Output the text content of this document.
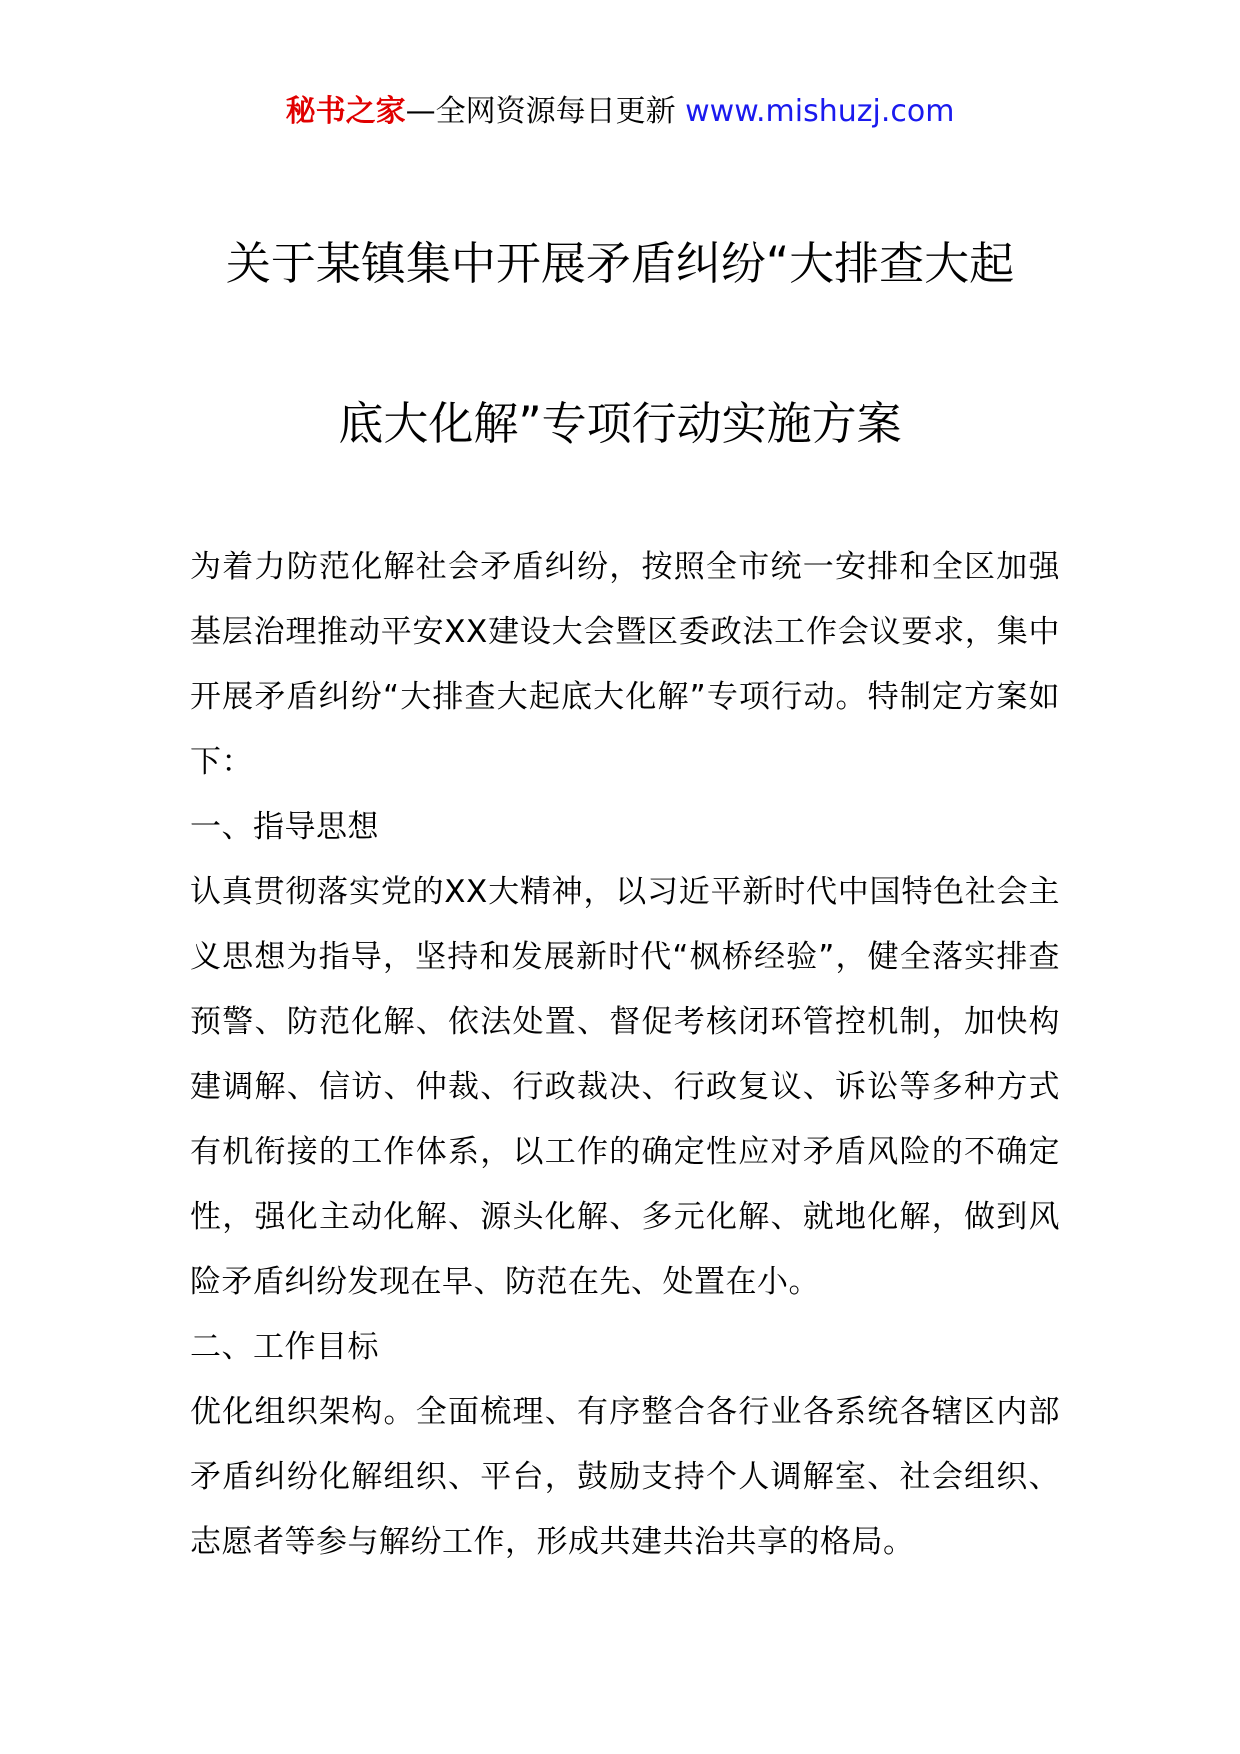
秘书之家—全网资源每日更新 www.mishuzj.com
关于某镇集中开展矛盾纠纷“大排查大起
底大化解”专项行动实施方案

为着力防范化解社会矛盾纠纷，按照全市统一安排和全区加强基层治理推动平安XX建设大会暨区委政法工作会议要求，集中开展矛盾纠纷“大排查大起底大化解”专项行动。特制定方案如下：

一、指导思想

认真贯彻落实党的XX大精神，以习近平新时代中国特色社会主义思想为指导，坚持和发展新时代“枫桥经验”，健全落实排查预警、防范化解、依法处置、督促考核闭环管控机制，加快构建调解、信访、仲裁、行政裁决、行政复议、诉讼等多种方式有机衔接的工作体系，以工作的确定性应对矛盾风险的不确定性，强化主动化解、源头化解、多元化解、就地化解，做到风险矛盾纠纷发现在早、防范在先、处置在小。

二、工作目标

优化组织架构。全面梳理、有序整合各行业各系统各辖区内部矛盾纠纷化解组织、平台，鼓励支持个人调解室、社会组织、志愿者等参与解纷工作，形成共建共治共享的格局。
